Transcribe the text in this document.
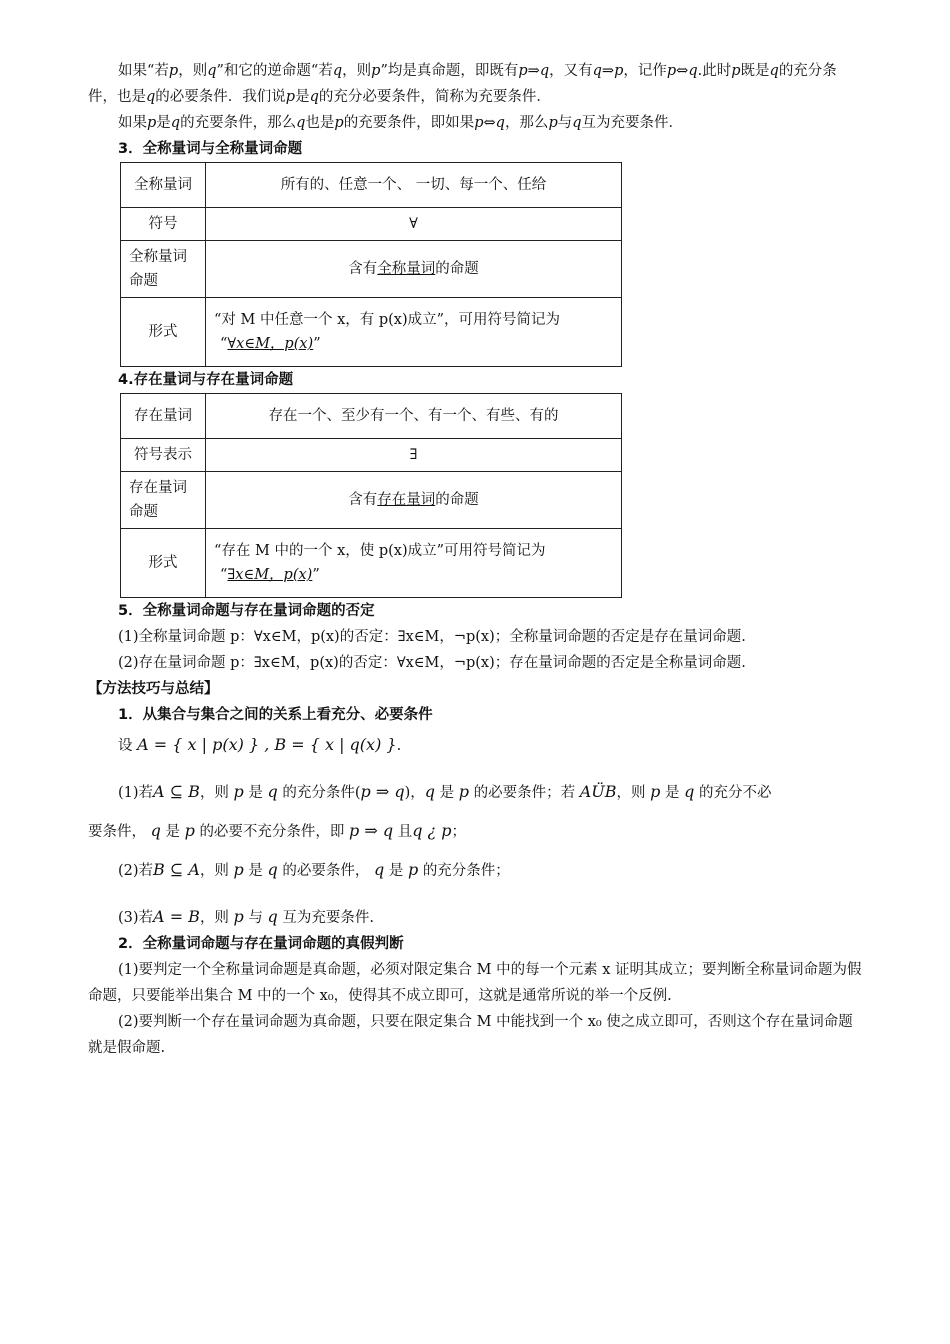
如果“若p，则q”和它的逆命题“若q，则p”均是真命题，即既有p⇒q，又有q⇒p，记作p⇔q.此时p既是q的充分条件，也是q的必要条件．我们说p是q的充分必要条件，简称为充要条件．

如果p是q的充要条件，那么q也是p的充要条件，即如果p⇔q，那么p与q互为充要条件．

3．全称量词与全称量词命题

全称量词	所有的、任意一个、 一切、每一个、任给
符号	∀
全称量词命题	含有全称量词的命题
形式	“对 M 中任意一个 x，有 p(x)成立”，可用符号简记为
“∀x∈M，p(x)”

4.存在量词与存在量词命题

存在量词	存在一个、至少有一个、有一个、有些、有的
符号表示	∃
存在量词命题	含有存在量词的命题
形式	“存在 M 中的一个 x，使 p(x)成立”可用符号简记为
“∃x∈M，p(x)”

5．全称量词命题与存在量词命题的否定

(1)全称量词命题 p：∀x∈M，p(x)的否定：∃x∈M，¬p(x)；全称量词命题的否定是存在量词命题.

(2)存在量词命题 p：∃x∈M，p(x)的否定：∀x∈M，¬p(x)；存在量词命题的否定是全称量词命题.

【方法技巧与总结】

1．从集合与集合之间的关系上看充分、必要条件

设 A = { x | p(x) } , B = { x | q(x) }.

(1)若A ⊆ B，则 p 是 q 的充分条件(p ⇒ q)，q 是 p 的必要条件；若 AÜB，则 p 是 q 的充分不必

要条件， q 是 p 的必要不充分条件，即 p ⇒ q 且q ¿ p；

(2)若B ⊆ A，则 p 是 q 的必要条件， q 是 p 的充分条件；

(3)若A = B，则 p 与 q 互为充要条件.

2．全称量词命题与存在量词命题的真假判断

(1)要判定一个全称量词命题是真命题，必须对限定集合 M 中的每一个元素 x 证明其成立；要判断全称量词命题为假命题，只要能举出集合 M 中的一个 x₀，使得其不成立即可，这就是通常所说的举一个反例.

(2)要判断一个存在量词命题为真命题，只要在限定集合 M 中能找到一个 x₀ 使之成立即可，否则这个存在量词命题就是假命题.
